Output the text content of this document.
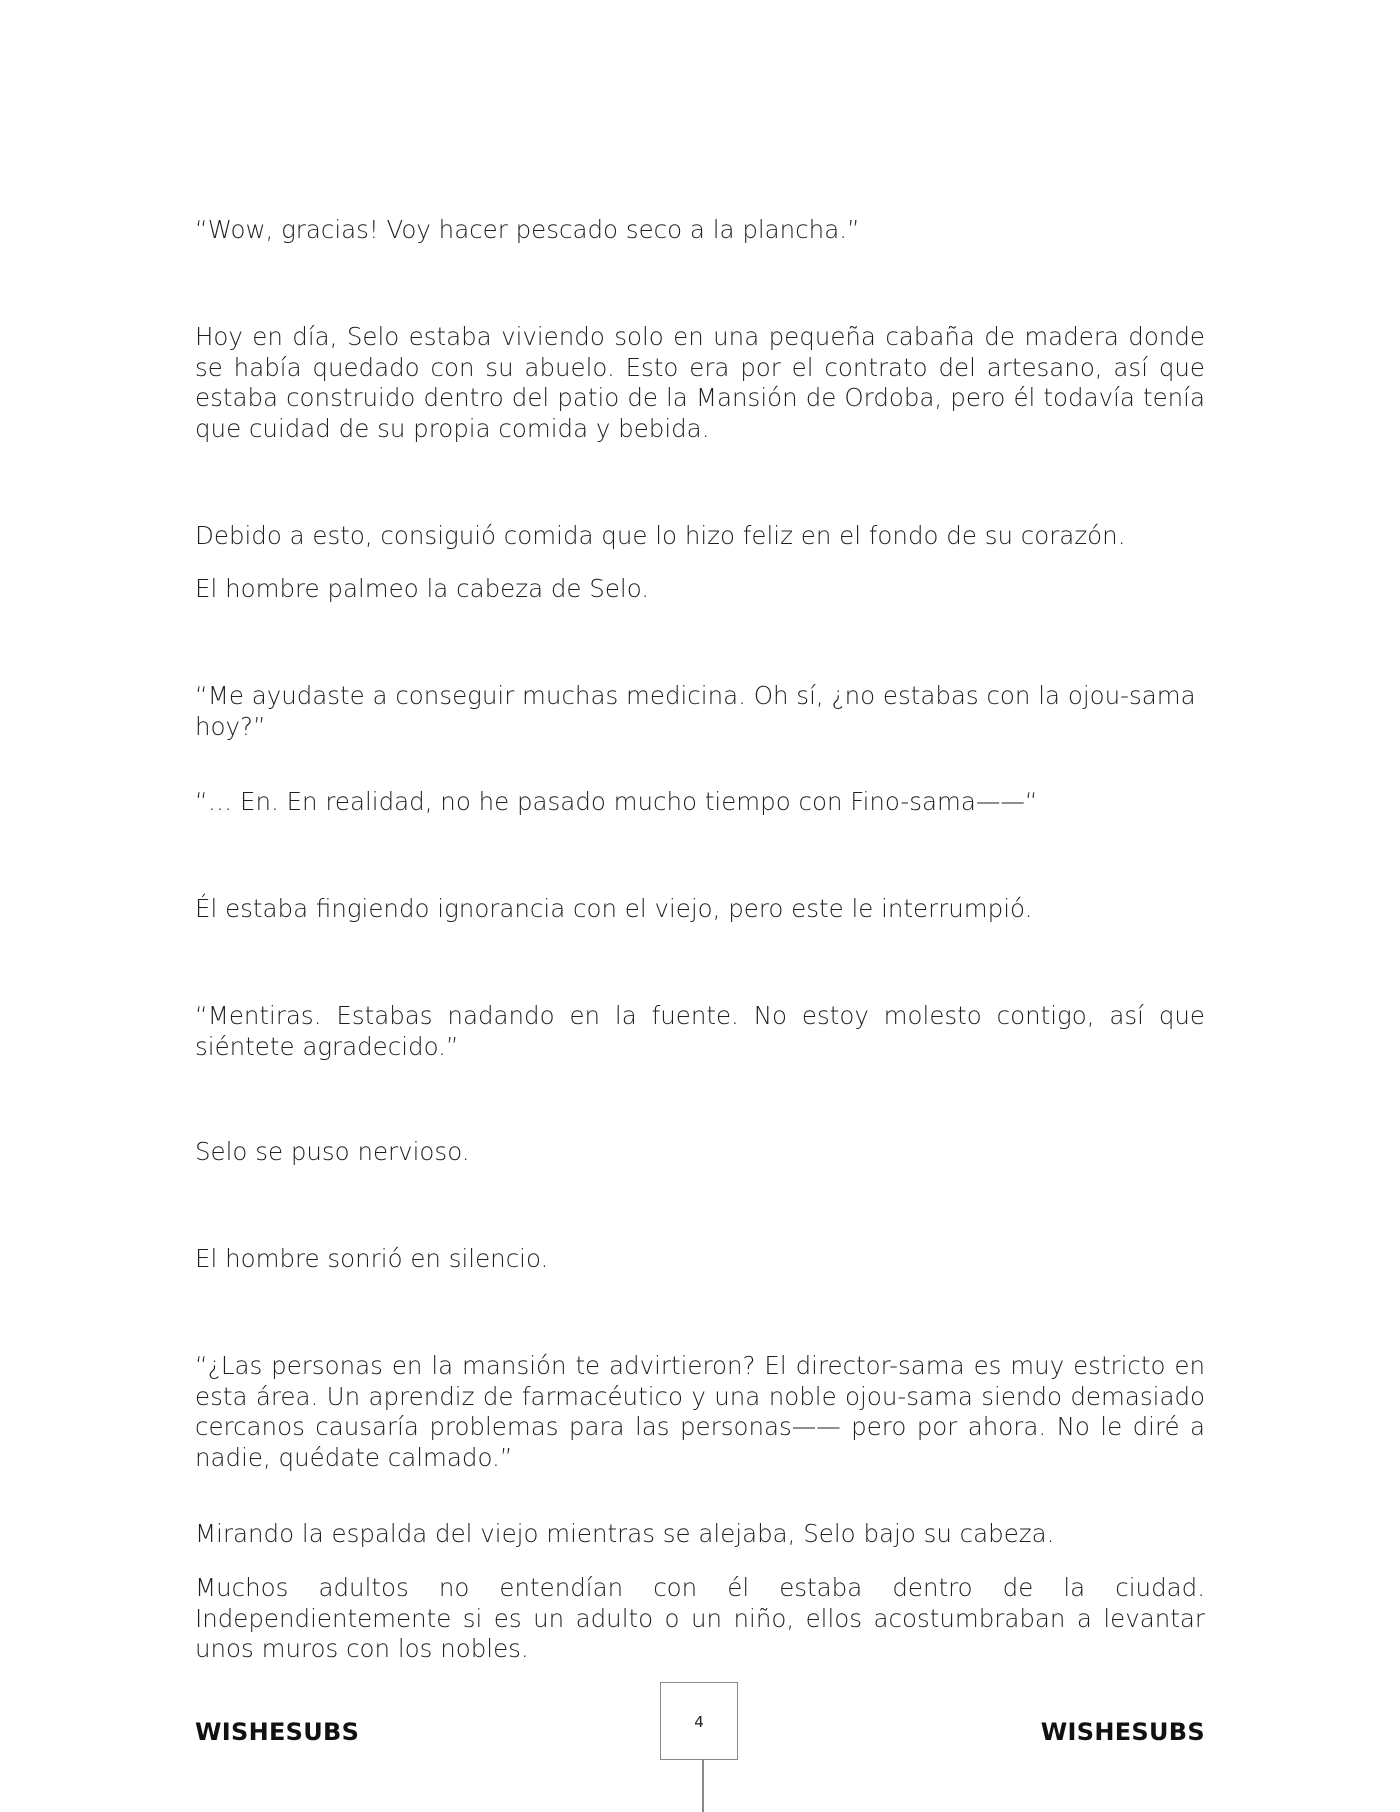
“Wow, gracias! Voy hacer pescado seco a la plancha.”

Hoy en día, Selo estaba viviendo solo en una pequeña cabaña de madera donde se había quedado con su abuelo. Esto era por el contrato del artesano, así que estaba construido dentro del patio de la Mansión de Ordoba, pero él todavía tenía que cuidad de su propia comida y bebida.

Debido a esto, consiguió comida que lo hizo feliz en el fondo de su corazón.

El hombre palmeo la cabeza de Selo.

“Me ayudaste a conseguir muchas medicina. Oh sí, ¿no estabas con la ojou-sama hoy?”

“… En. En realidad, no he pasado mucho tiempo con Fino-sama——“

Él estaba fingiendo ignorancia con el viejo, pero este le interrumpió.

“Mentiras. Estabas nadando en la fuente. No estoy molesto contigo, así que siéntete agradecido.”

Selo se puso nervioso.

El hombre sonrió en silencio.

“¿Las personas en la mansión te advirtieron? El director-sama es muy estricto en esta área. Un aprendiz de farmacéutico y una noble ojou-sama siendo demasiado cercanos causaría problemas para las personas—— pero por ahora. No le diré a nadie, quédate calmado.”

Mirando la espalda del viejo mientras se alejaba, Selo bajo su cabeza.

Muchos adultos no entendían con él estaba dentro de la ciudad. Independientemente si es un adulto o un niño, ellos acostumbraban a levantar unos muros con los nobles.

WISHESUBS	4	WISHESUBS
